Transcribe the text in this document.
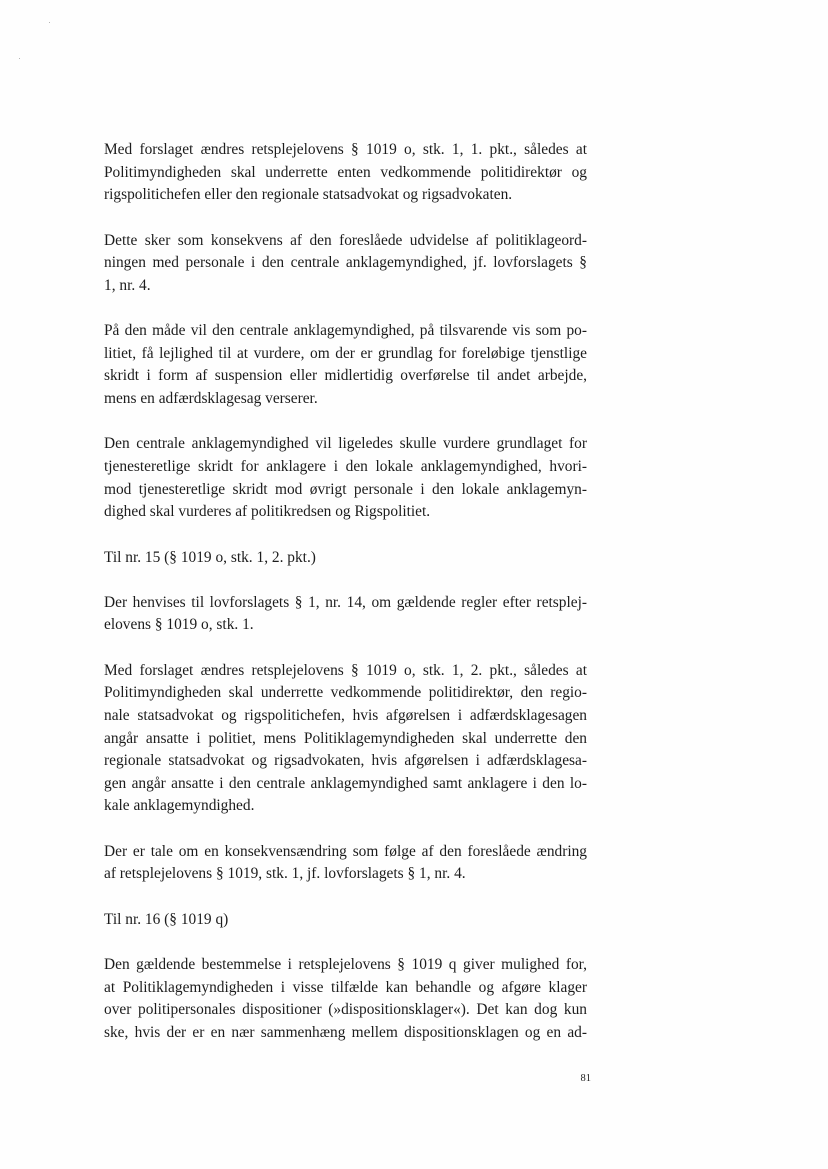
Med forslaget ændres retsplejelovens § 1019 o, stk. 1, 1. pkt., således at
Politimyndigheden skal underrette enten vedkommende politidirektør og
rigspolitichefen eller den regionale statsadvokat og rigsadvokaten.

Dette sker som konsekvens af den foreslåede udvidelse af politiklageord-
ningen med personale i den centrale anklagemyndighed, jf. lovforslagets §
1, nr. 4.

På den måde vil den centrale anklagemyndighed, på tilsvarende vis som po-
litiet, få lejlighed til at vurdere, om der er grundlag for foreløbige tjenstlige
skridt i form af suspension eller midlertidig overførelse til andet arbejde,
mens en adfærdsklagesag verserer.

Den centrale anklagemyndighed vil ligeledes skulle vurdere grundlaget for
tjenesteretlige skridt for anklagere i den lokale anklagemyndighed, hvori-
mod tjenesteretlige skridt mod øvrigt personale i den lokale anklagemyn-
dighed skal vurderes af politikredsen og Rigspolitiet.

Til nr. 15 (§ 1019 o, stk. 1, 2. pkt.)

Der henvises til lovforslagets § 1, nr. 14, om gældende regler efter retsplej-
elovens § 1019 o, stk. 1.

Med forslaget ændres retsplejelovens § 1019 o, stk. 1, 2. pkt., således at
Politimyndigheden skal underrette vedkommende politidirektør, den regio-
nale statsadvokat og rigspolitichefen, hvis afgørelsen i adfærdsklagesagen
angår ansatte i politiet, mens Politiklagemyndigheden skal underrette den
regionale statsadvokat og rigsadvokaten, hvis afgørelsen i adfærdsklagesa-
gen angår ansatte i den centrale anklagemyndighed samt anklagere i den lo-
kale anklagemyndighed.

Der er tale om en konsekvensændring som følge af den foreslåede ændring
af retsplejelovens § 1019, stk. 1, jf. lovforslagets § 1, nr. 4.

Til nr. 16 (§ 1019 q)

Den gældende bestemmelse i retsplejelovens § 1019 q giver mulighed for,
at Politiklagemyndigheden i visse tilfælde kan behandle og afgøre klager
over politipersonales dispositioner (»dispositionsklager«). Det kan dog kun
ske, hvis der er en nær sammenhæng mellem dispositionsklagen og en ad-

81
